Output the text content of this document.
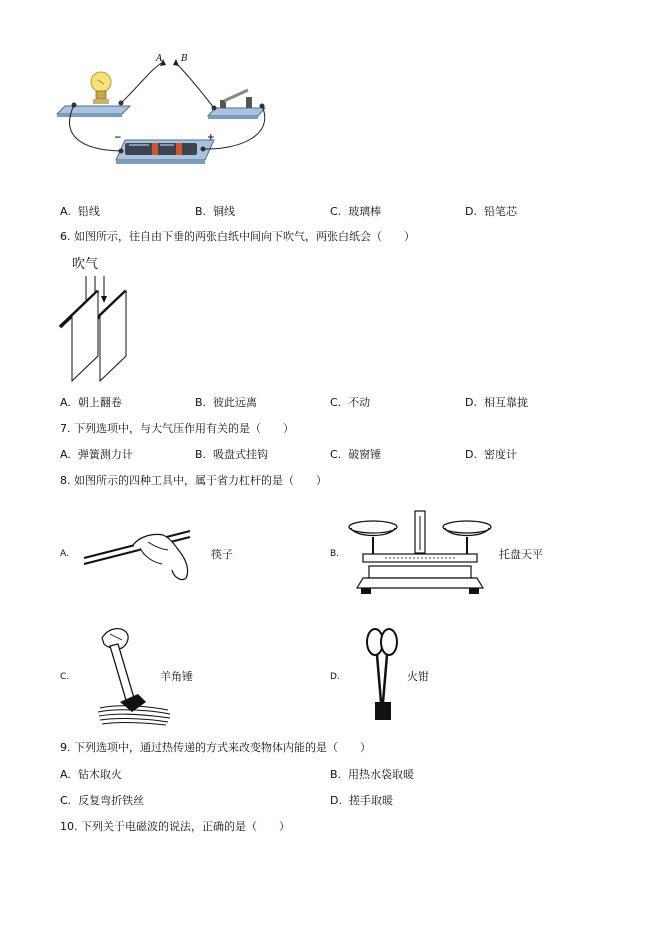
A B
−	+
A. 铅线	B. 铜线	C. 玻璃棒	D. 铅笔芯
6. 如图所示，往自由下垂的两张白纸中间向下吹气，两张白纸会（　　）
吹气
A. 朝上翻卷	B. 彼此远离	C. 不动	D. 相互靠拢
7. 下列选项中，与大气压作用有关的是（　　）
A. 弹簧测力计	B. 吸盘式挂钩	C. 破窗锤	D. 密度计
8. 如图所示的四种工具中，属于省力杠杆的是（　　）
A.	筷子	B.	托盘天平
C.	羊角锤	D.	火钳
9. 下列选项中，通过热传递的方式来改变物体内能的是（　　）
A. 钻木取火	B. 用热水袋取暖
C. 反复弯折铁丝	D. 搓手取暖
10. 下列关于电磁波的说法，正确的是（　　）
